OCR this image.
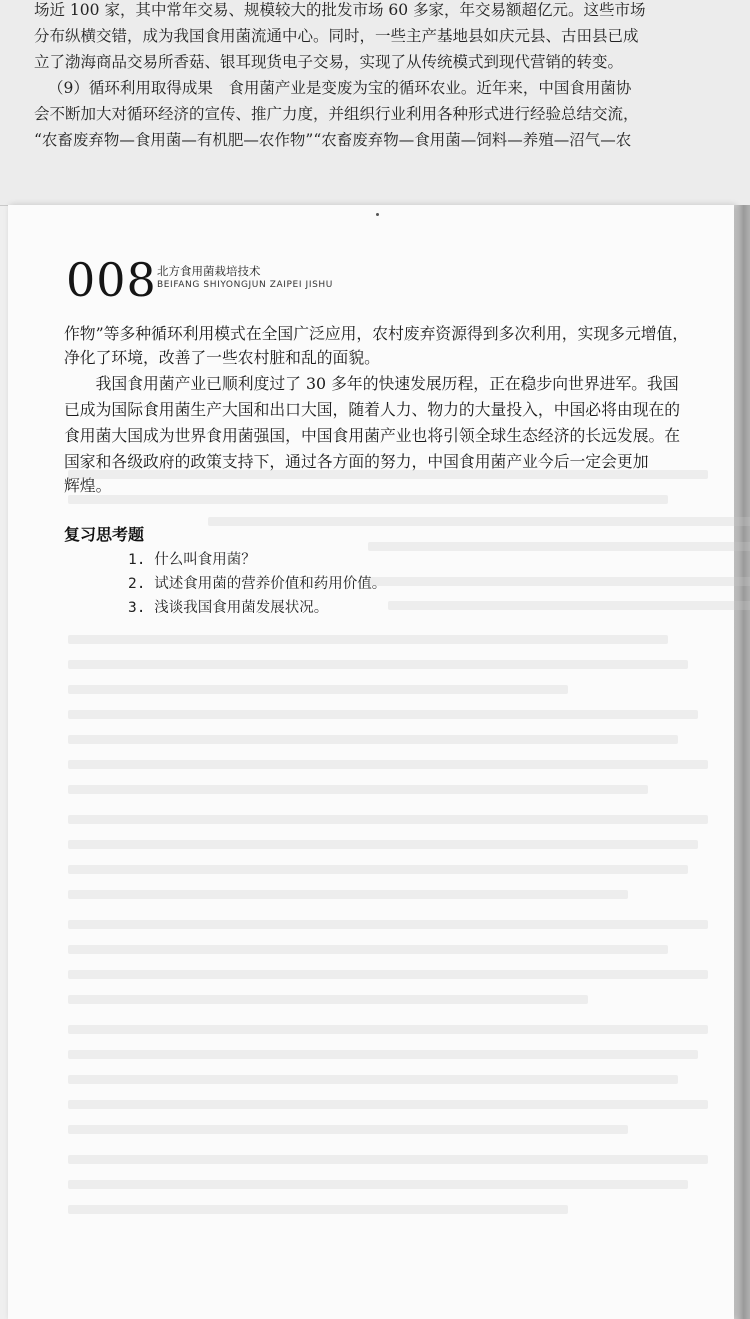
场近 100 家，其中常年交易、规模较大的批发市场 60 多家，年交易额超亿元。这些市场
分布纵横交错，成为我国食用菌流通中心。同时，一些主产基地县如庆元县、古田县已成
立了渤海商品交易所香菇、银耳现货电子交易，实现了从传统模式到现代营销的转变。
（9）循环利用取得成果　食用菌产业是变废为宝的循环农业。近年来，中国食用菌协
会不断加大对循环经济的宣传、推广力度，并组织行业利用各种形式进行经验总结交流，
“农畜废弃物—食用菌—有机肥—农作物”“农畜废弃物—食用菌—饲料—养殖—沼气—农
008 北方食用菌栽培技术
BEIFANG SHIYONGJUN ZAIPEI JISHU
作物”等多种循环利用模式在全国广泛应用，农村废弃资源得到多次利用，实现多元增值，
净化了环境，改善了一些农村脏和乱的面貌。
　　我国食用菌产业已顺利度过了 30 多年的快速发展历程，正在稳步向世界进军。我国
已成为国际食用菌生产大国和出口大国，随着人力、物力的大量投入，中国必将由现在的
食用菌大国成为世界食用菌强国，中国食用菌产业也将引领全球生态经济的长远发展。在
国家和各级政府的政策支持下，通过各方面的努力，中国食用菌产业今后一定会更加
辉煌。
复习思考题
1. 什么叫食用菌？
2. 试述食用菌的营养价值和药用价值。
3. 浅谈我国食用菌发展状况。
